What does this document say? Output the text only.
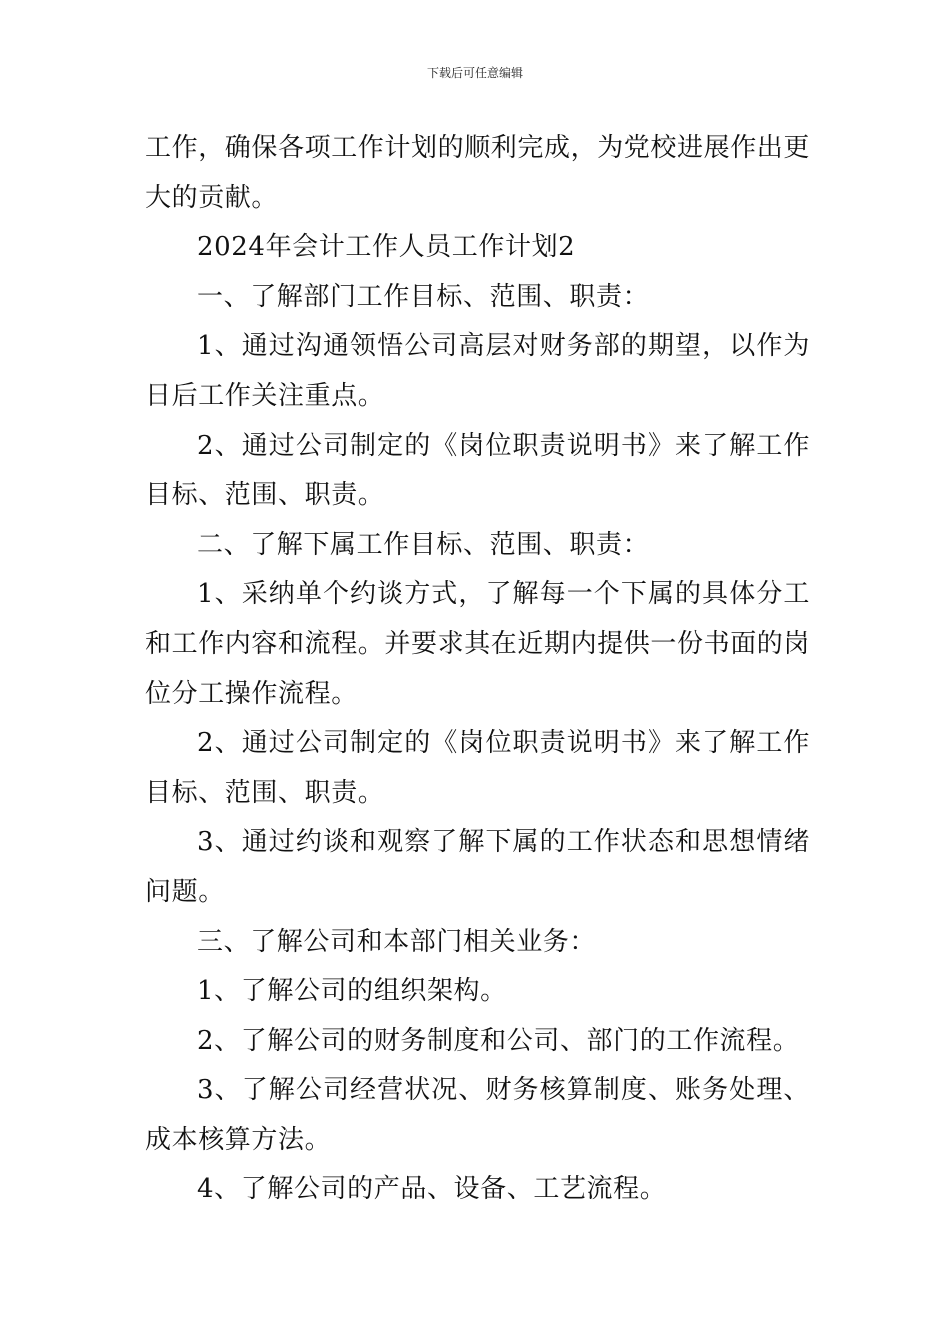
下载后可任意编辑

工作，确保各项工作计划的顺利完成，为党校进展作出更大的贡献。

2024年会计工作人员工作计划2

一、了解部门工作目标、范围、职责：

1、通过沟通领悟公司高层对财务部的期望，以作为日后工作关注重点。

2、通过公司制定的《岗位职责说明书》来了解工作目标、范围、职责。

二、了解下属工作目标、范围、职责：

1、采纳单个约谈方式，了解每一个下属的具体分工和工作内容和流程。并要求其在近期内提供一份书面的岗位分工操作流程。

2、通过公司制定的《岗位职责说明书》来了解工作目标、范围、职责。

3、通过约谈和观察了解下属的工作状态和思想情绪问题。

三、了解公司和本部门相关业务：

1、了解公司的组织架构。

2、了解公司的财务制度和公司、部门的工作流程。

3、了解公司经营状况、财务核算制度、账务处理、成本核算方法。

4、了解公司的产品、设备、工艺流程。
